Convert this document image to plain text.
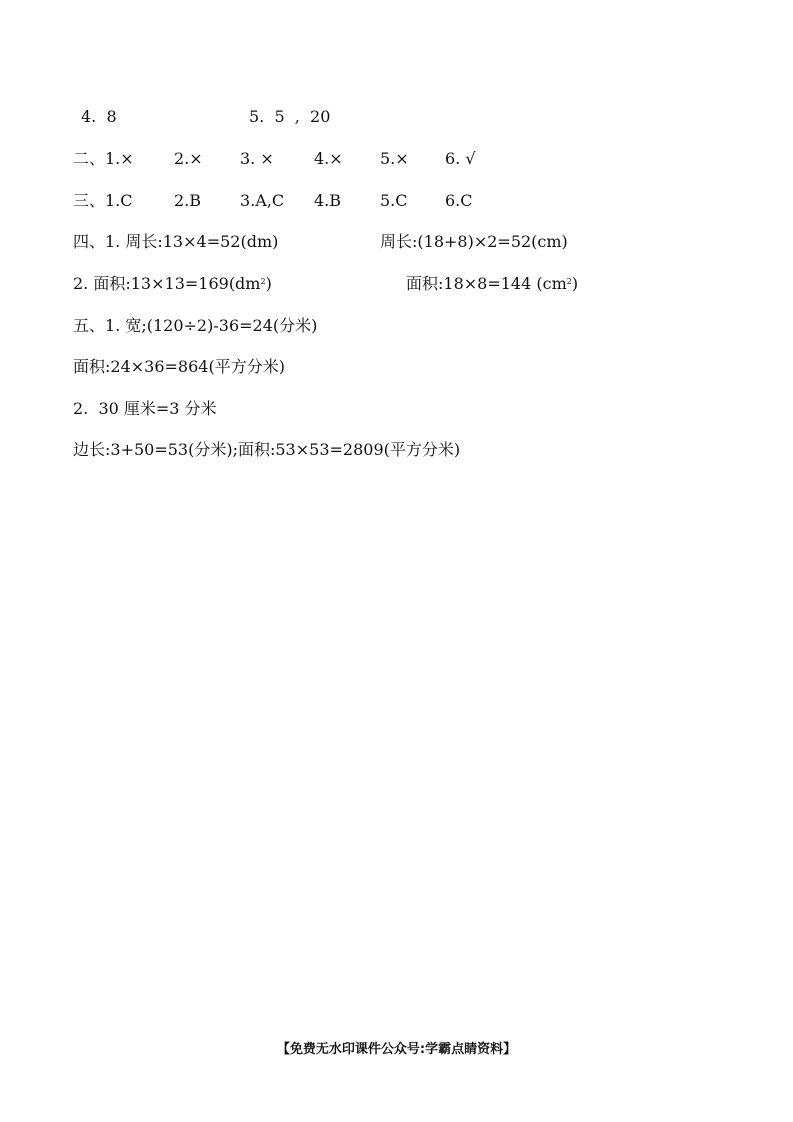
4.  8	5.  5  ,  20
二、1.×	2.× 3. ×	4.× 5.× 6. √
三、1.C	2.B 3.A,C 4.B 5.C 6.C
四、1. 周长:13×4=52(dm)	周长:(18+8)×2=52(cm)
2. 面积$:13\times 13=169(dm^2)$	面积:18×8=144 $(cm^2)$
五、1. 宽;(120÷2)-36=24(分米)
面积:24×36=864(平方分米)
2.  30 厘米=3 分米
边长:3+50=53(分米);面积:53×53=2809(平方分米)
【免费无水印课件公众号:学霸点睛资料】
